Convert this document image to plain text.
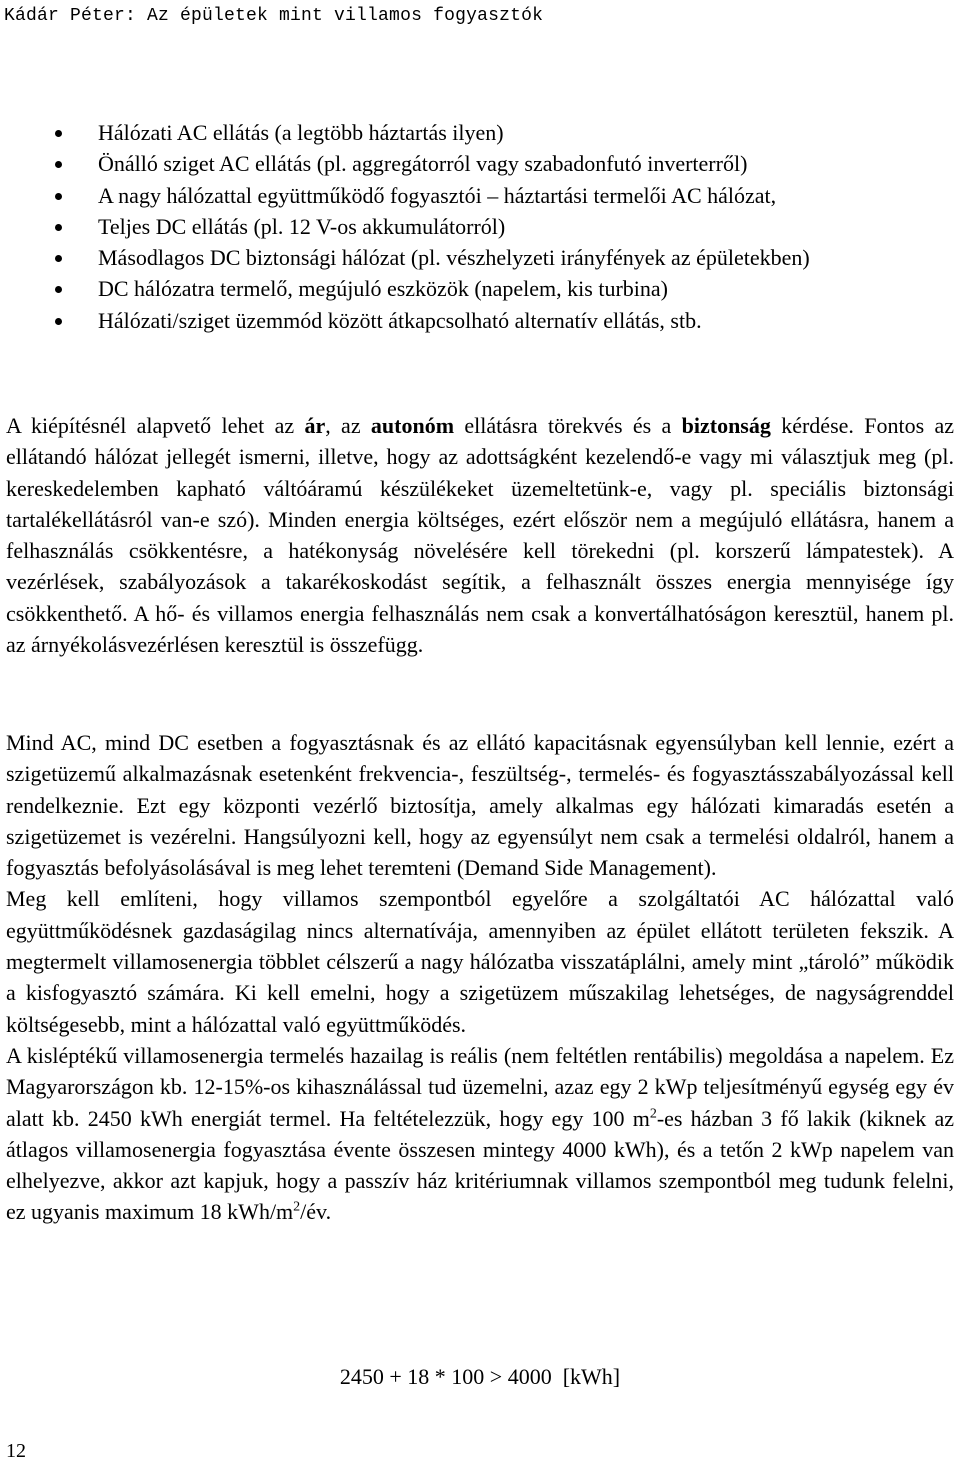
Kádár Péter: Az épületek mint villamos fogyasztók
Hálózati AC ellátás (a legtöbb háztartás ilyen)
Önálló sziget AC ellátás (pl. aggregátorról vagy szabadonfutó inverterről)
A nagy hálózattal együttműködő fogyasztói – háztartási termelői AC hálózat,
Teljes DC ellátás (pl. 12 V-os akkumulátorról)
Másodlagos DC biztonsági hálózat (pl. vészhelyzeti irányfények az épületekben)
DC hálózatra termelő, megújuló eszközök (napelem, kis turbina)
Hálózati/sziget üzemmód között átkapcsolható alternatív ellátás, stb.

A kiépítésnél alapvető lehet az ár, az autonóm ellátásra törekvés és a biztonság kérdése. Fontos az ellátandó hálózat jellegét ismerni, illetve, hogy az adottságként kezelendő-e vagy mi választjuk meg (pl. kereskedelemben kapható váltóáramú készülékeket üzemeltetünk-e, vagy pl. speciális biztonsági tartalékellátásról van-e szó). Minden energia költséges, ezért először nem a megújuló ellátásra, hanem a felhasználás csökkentésre, a hatékonyság növelésére kell törekedni (pl. korszerű lámpatestek). A vezérlések, szabályozások a takarékoskodást segítik, a felhasznált összes energia mennyisége így csökkenthető. A hő- és villamos energia felhasználás nem csak a konvertálhatóságon keresztül, hanem pl. az árnyékolásvezérlésen keresztül is összefügg.

Mind AC, mind DC esetben a fogyasztásnak és az ellátó kapacitásnak egyensúlyban kell lennie, ezért a szigetüzemű alkalmazásnak esetenként frekvencia-, feszültség-, termelés- és fogyasztásszabályozással kell rendelkeznie. Ezt egy központi vezérlő biztosítja, amely alkalmas egy hálózati kimaradás esetén a szigetüzemet is vezérelni. Hangsúlyozni kell, hogy az egyensúlyt nem csak a termelési oldalról, hanem a fogyasztás befolyásolásával is meg lehet teremteni (Demand Side Management).

Meg kell említeni, hogy villamos szempontból egyelőre a szolgáltatói AC hálózattal való együttműködésnek gazdaságilag nincs alternatívája, amennyiben az épület ellátott területen fekszik. A megtermelt villamosenergia többlet célszerű a nagy hálózatba visszatáplálni, amely mint „tároló” működik a kisfogyasztó számára. Ki kell emelni, hogy a szigetüzem műszakilag lehetséges, de nagyságrenddel költségesebb, mint a hálózattal való együttműködés.

A kisléptékű villamosenergia termelés hazailag is reális (nem feltétlen rentábilis) megoldása a napelem. Ez Magyarországon kb. 12-15%-os kihasználással tud üzemelni, azaz egy 2 kWp teljesítményű egység egy év alatt kb. 2450 kWh energiát termel. Ha feltételezzük, hogy egy 100 $m^2-es$ házban 3 fő lakik (kiknek az átlagos villamosenergia fogyasztása évente összesen mintegy 4000 kWh), és a tetőn 2 kWp napelem van elhelyezve, akkor azt kapjuk, hogy a passzív ház kritériumnak villamos szempontból meg tudunk felelni, ez ugyanis maximum 18 kWh/$m^2/év$.

2450 + 18 * 100 > 4000  [kWh]
12
